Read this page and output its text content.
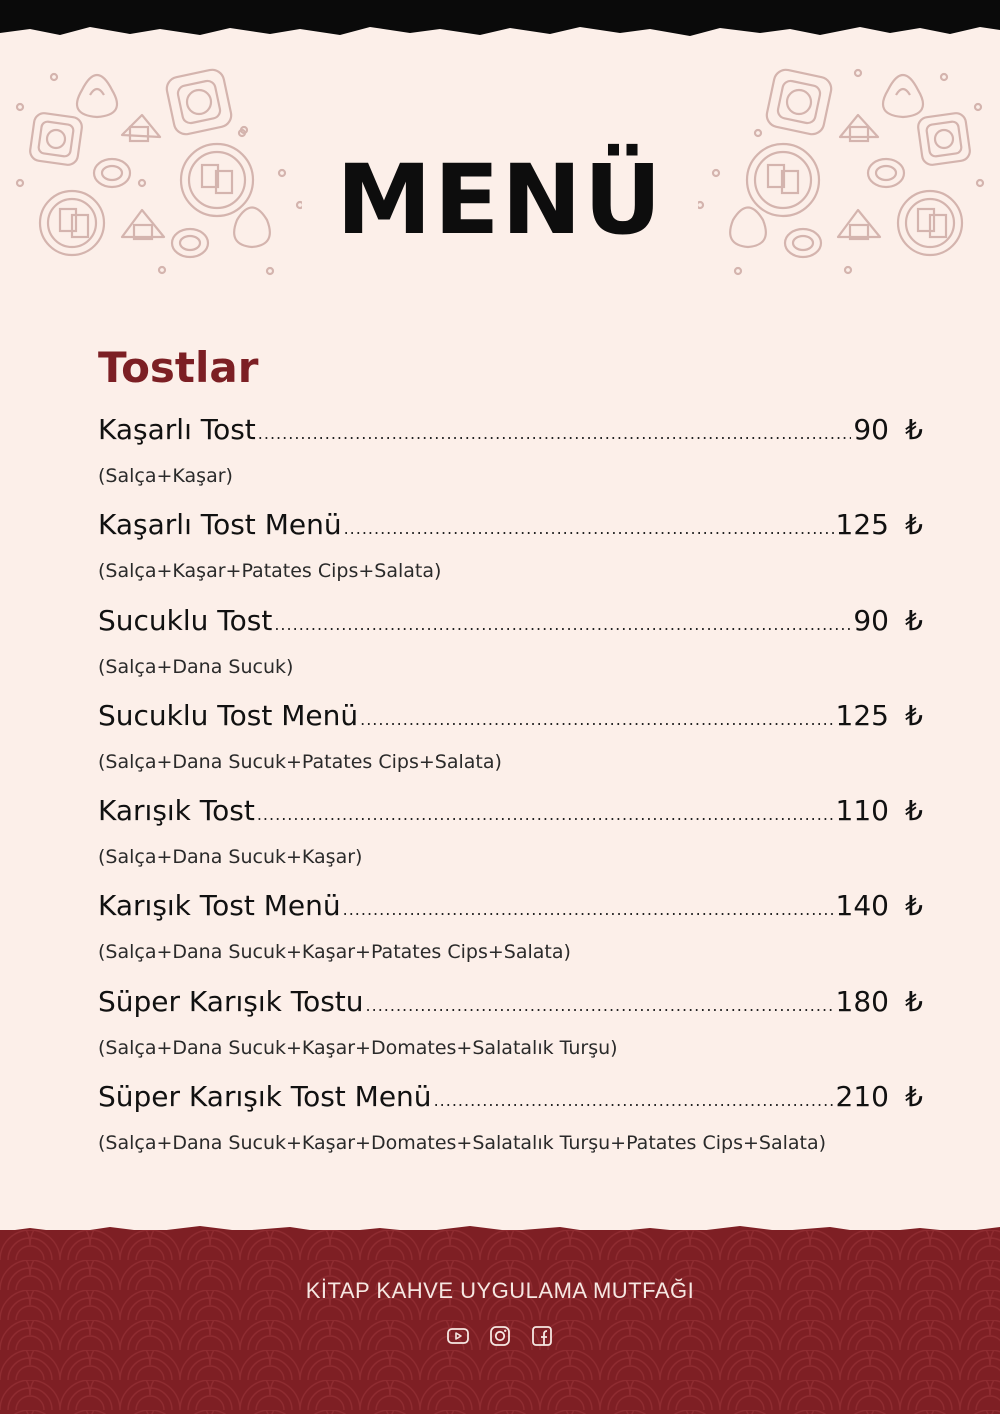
MENÜ
Tostlar
Kaşarlı Tost .....	90 ₺
(Salça+Kaşar)
Kaşarlı Tost Menü .....	125 ₺
(Salça+Kaşar+Patates Cips+Salata)
Sucuklu Tost .....	90 ₺
(Salça+Dana Sucuk)
Sucuklu Tost Menü .....	125 ₺
(Salça+Dana Sucuk+Patates Cips+Salata)
Karışık Tost .....	110 ₺
(Salça+Dana Sucuk+Kaşar)
Karışık Tost Menü .....	140 ₺
(Salça+Dana Sucuk+Kaşar+Patates Cips+Salata)
Süper Karışık Tostu .....	180 ₺
(Salça+Dana Sucuk+Kaşar+Domates+Salatalık Turşu)
Süper Karışık Tost Menü .....	210 ₺
(Salça+Dana Sucuk+Kaşar+Domates+Salatalık Turşu+Patates Cips+Salata)
KİTAP KAHVE UYGULAMA MUTFAĞI
